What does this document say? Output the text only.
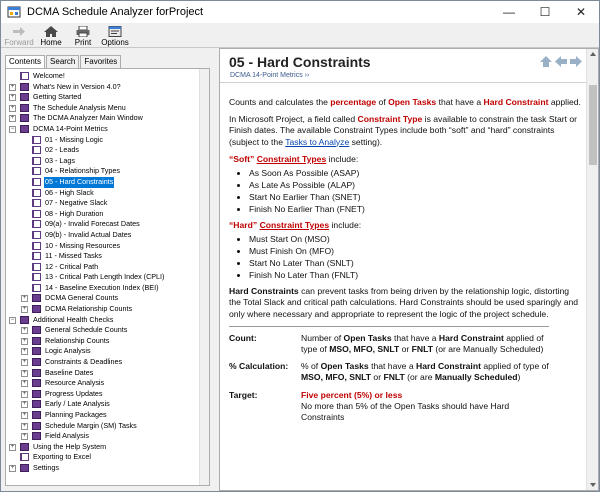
DCMA Schedule Analyzer forProject	— ☐ ✕
Forward Home Print Options
Contents	Search	Favorites
Welcome!
+	What's New in Version 4.0?
+	Getting Started
+	The Schedule Analysis Menu
+	The DCMA Analyzer Main Window
−	DCMA 14-Point Metrics
01 - Missing Logic
02 - Leads
03 - Lags
04 - Relationship Types
05 - Hard Constraints
06 - High Slack
07 - Negative Slack
08 - High Duration
09(a) - Invalid Forecast Dates
09(b) - Invalid Actual Dates
10 - Missing Resources
11 - Missed Tasks
12 - Critical Path
13 - Critical Path Length Index (CPLI)
14 - Baseline Execution Index (BEI)
+	DCMA General Counts
+	DCMA Relationship Counts
−	Additional Health Checks
+	General Schedule Counts
+	Relationship Counts
+	Logic Analysis
+	Constraints & Deadlines
+	Baseline Dates
+	Resource Analysis
+	Progress Updates
+	Early / Late Analysis
+	Planning Packages
+	Schedule Margin (SM) Tasks
+	Field Analysis
+	Using the Help System
Exporting to Excel
+	Settings
05 - Hard Constraints
DCMA 14-Point Metrics ››

Counts and calculates the percentage of Open Tasks that have a Hard Constraint applied.

In Microsoft Project, a field called Constraint Type is available to constrain the task Start or Finish dates. The available Constraint Types include both “soft” and “hard” constraints (subject to the Tasks to Analyze setting).

“Soft” Constraint Types include:
• As Soon As Possible (ASAP)
• As Late As Possible (ALAP)
• Start No Earlier Than (SNET)
• Finish No Earlier Than (FNET)
“Hard” Constraint Types include:
• Must Start On (MSO)
• Must Finish On (MFO)
• Start No Later Than (SNLT)
• Finish No Later Than (FNLT)

Hard Constraints can prevent tasks from being driven by the relationship logic, distorting the Total Slack and critical path calculations. Hard Constraints should be used sparingly and only where necessary and appropriate to represent the logic of the project schedule.

Count:	Number of Open Tasks that have a Hard Constraint applied of type of MSO, MFO, SNLT or FNLT (or are Manually Scheduled)
% Calculation:	% of Open Tasks that have a Hard Constraint applied of type of MSO, MFO, SNLT or FNLT (or are Manually Scheduled)
Target:	Five percent (5%) or less
No more than 5% of the Open Tasks should have Hard Constraints
